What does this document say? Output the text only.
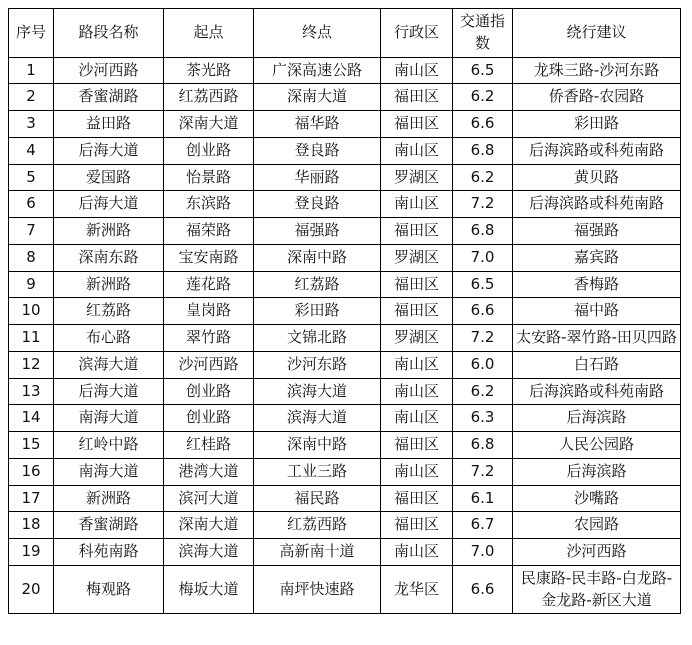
序号	路段名称	起点	终点	行政区	交通指数	绕行建议
1	沙河西路	茶光路	广深高速公路	南山区	6.5	龙珠三路-沙河东路
2	香蜜湖路	红荔西路	深南大道	福田区	6.2	侨香路-农园路
3	益田路	深南大道	福华路	福田区	6.6	彩田路
4	后海大道	创业路	登良路	南山区	6.8	后海滨路或科苑南路
5	爱国路	怡景路	华丽路	罗湖区	6.2	黄贝路
6	后海大道	东滨路	登良路	南山区	7.2	后海滨路或科苑南路
7	新洲路	福荣路	福强路	福田区	6.8	福强路
8	深南东路	宝安南路	深南中路	罗湖区	7.0	嘉宾路
9	新洲路	莲花路	红荔路	福田区	6.5	香梅路
10	红荔路	皇岗路	彩田路	福田区	6.6	福中路
11	布心路	翠竹路	文锦北路	罗湖区	7.2	太安路-翠竹路-田贝四路
12	滨海大道	沙河西路	沙河东路	南山区	6.0	白石路
13	后海大道	创业路	滨海大道	南山区	6.2	后海滨路或科苑南路
14	南海大道	创业路	滨海大道	南山区	6.3	后海滨路
15	红岭中路	红桂路	深南中路	福田区	6.8	人民公园路
16	南海大道	港湾大道	工业三路	南山区	7.2	后海滨路
17	新洲路	滨河大道	福民路	福田区	6.1	沙嘴路
18	香蜜湖路	深南大道	红荔西路	福田区	6.7	农园路
19	科苑南路	滨海大道	高新南十道	南山区	7.0	沙河西路
20	梅观路	梅坂大道	南坪快速路	龙华区	6.6	民康路-民丰路-白龙路-金龙路-新区大道
